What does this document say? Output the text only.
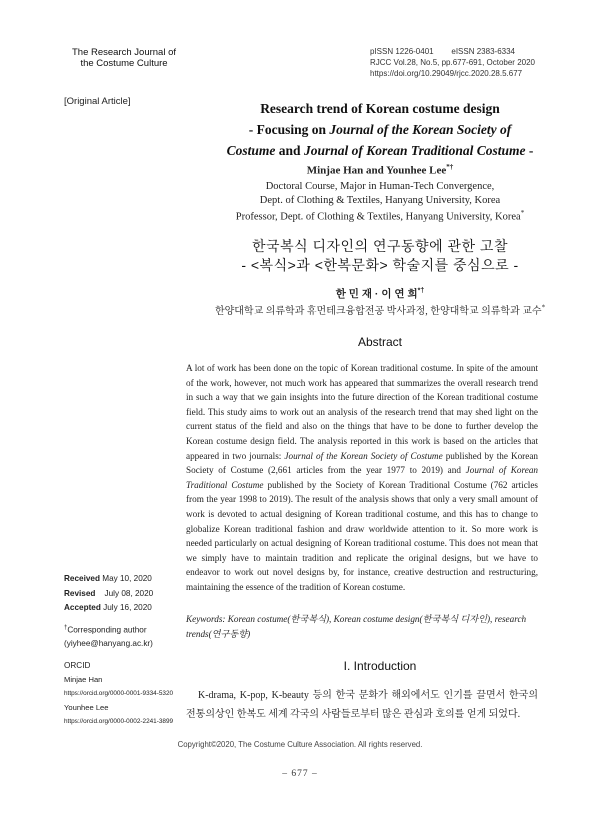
The Research Journal of
the Costume Culture
pISSN 1226-0401        eISSN 2383-6334
RJCC Vol.28, No.5, pp.677-691, October 2020
https://doi.org/10.29049/rjcc.2020.28.5.677
[Original Article]	Research trend of Korean costume design
- Focusing on Journal of the Korean Society of
Costume and Journal of Korean Traditional Costume -
Minjae Han and Younhee Lee*†
Doctoral Course, Major in Human-Tech Convergence,
Dept. of Clothing & Textiles, Hanyang University, Korea
Professor, Dept. of Clothing & Textiles, Hanyang University, Korea*
한국복식 디자인의 연구동향에 관한 고찰
- <복식>과 <한복문화> 학술지를 중심으로 -
한 민 재 · 이 연 희*†
한양대학교 의류학과 휴먼테크융합전공 박사과정, 한양대학교 의류학과 교수*
Abstract
A lot of work has been done on the topic of Korean traditional costume. In spite of the amount of the work, however, not much work has appeared that summarizes the overall research trend in such a way that we gain insights into the future direction of the Korean traditional costume field. This study aims to work out an analysis of the research trend that may shed light on the current status of the field and also on the things that have to be done to further develop the Korean costume design field. The analysis reported in this work is based on the articles that appeared in two journals: Journal of the Korean Society of Costume published by the Korean Society of Costume (2,661 articles from the year 1977 to 2019) and Journal of Korean Traditional Costume published by the Society of Korean Traditional Costume (762 articles from the year 1998 to 2019). The result of the analysis shows that only a very small amount of work is devoted to actual designing of Korean traditional costume, and this has to change to globalize Korean traditional fashion and draw worldwide attention to it. So more work is needed particularly on actual designing of Korean traditional costume. This does not mean that we simply have to maintain tradition and replicate the original designs, but we have to endeavor to work out novel designs by, for instance, creative destruction and restructuring, maintaining the essence of the tradition of Korean costume.
Keywords: Korean costume(한국복식), Korean costume design(한국복식 디자인), research trends(연구동향)
Received May 10, 2020
Revised July 08, 2020
Accepted July 16, 2020
†Corresponding author
(yiyhee@hanyang.ac.kr)
ORCID
Minjae Han
https://orcid.org/0000-0001-9334-5320
Younhee Lee
https://orcid.org/0000-0002-2241-3899
I. Introduction
K-drama, K-pop, K-beauty 등의 한국 문화가 해외에서도 인기를 끌면서 한국의 전통의상인 한복도 세계 각국의 사람들로부터 많은 관심과 호의를 얻게 되었다.
Copyright©2020, The Costume Culture Association. All rights reserved.
– 677 –
